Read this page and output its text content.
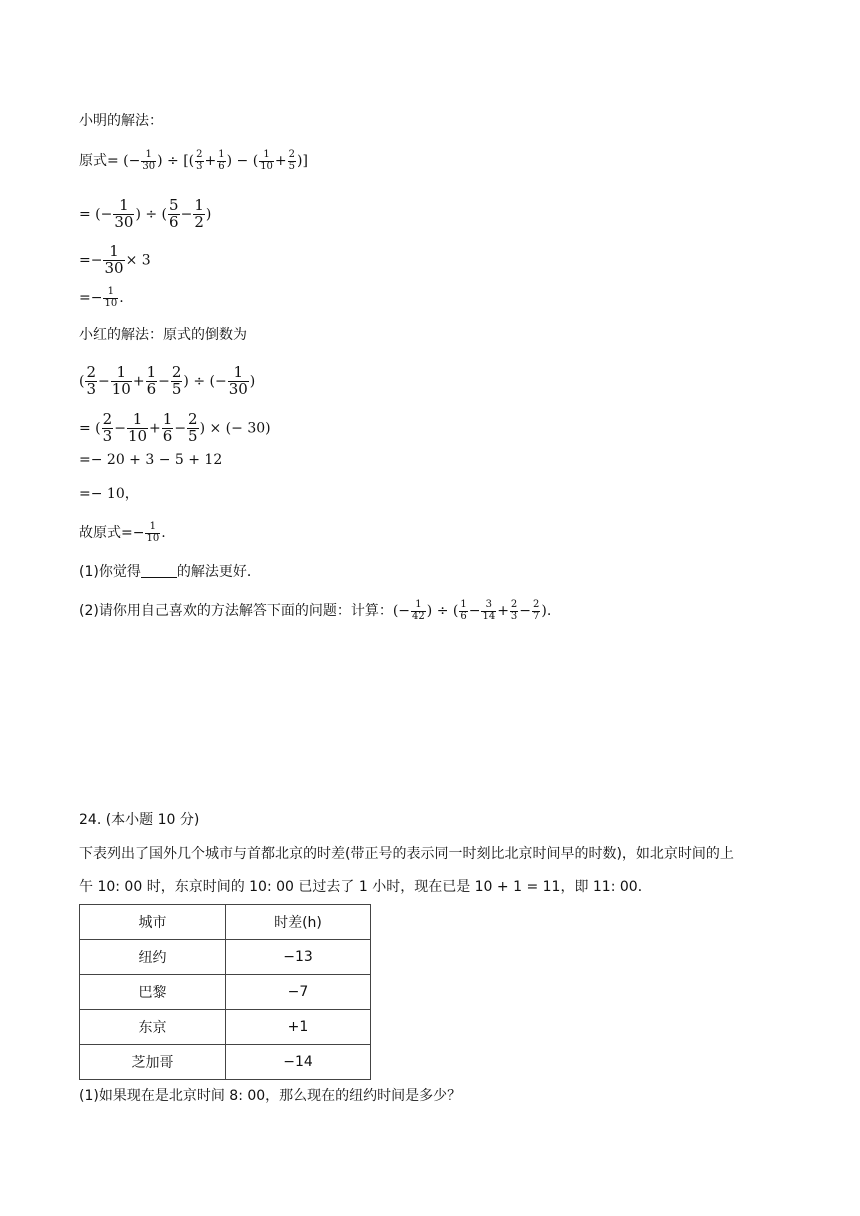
小明的解法：
原式= (− $\frac{1}{30}$ ) ÷ [( $\frac{2}{3} + \frac{1}{6}$ ) − ( $\frac{1}{10} + \frac{2}{5}$ )]
= (− $\frac{1}{30}$ ) ÷ ( $\frac{5}{6} - \frac{1}{2}$ )
=− $\frac{1}{30} \times 3$
=− $\frac{1}{10}$ .
小红的解法：原式的倒数为
( $\frac{2}{3} - \frac{1}{10} + \frac{1}{6} - \frac{2}{5}$ ) ÷ (− $\frac{1}{30}$ )
= ( $\frac{2}{3} - \frac{1}{10} + \frac{1}{6} - \frac{2}{5}$ ) × (− 30)
=− 20 + 3 − 5 + 12
=− 10，
故原式=− $\frac{1}{10}$ .
(1)你觉得	的解法更好．
(2)请你用自己喜欢的方法解答下面的问题：计算：(− $\frac{1}{42}$ ) ÷ ( $\frac{1}{6} - \frac{3}{14} + \frac{2}{3} - \frac{2}{7}$ ).
24. (本小题 10 分)
下表列出了国外几个城市与首都北京的时差(带正号的表示同一时刻比北京时间早的时数)，如北京时间的上
午 10: 00 时，东京时间的 10: 00 已过去了 1 小时，现在已是 10 + 1 = 11，即 11: 00．
城市	时差(h)
纽约	−13
巴黎	−7
东京	+1
芝加哥	−14
(1)如果现在是北京时间 8: 00，那么现在的纽约时间是多少？
